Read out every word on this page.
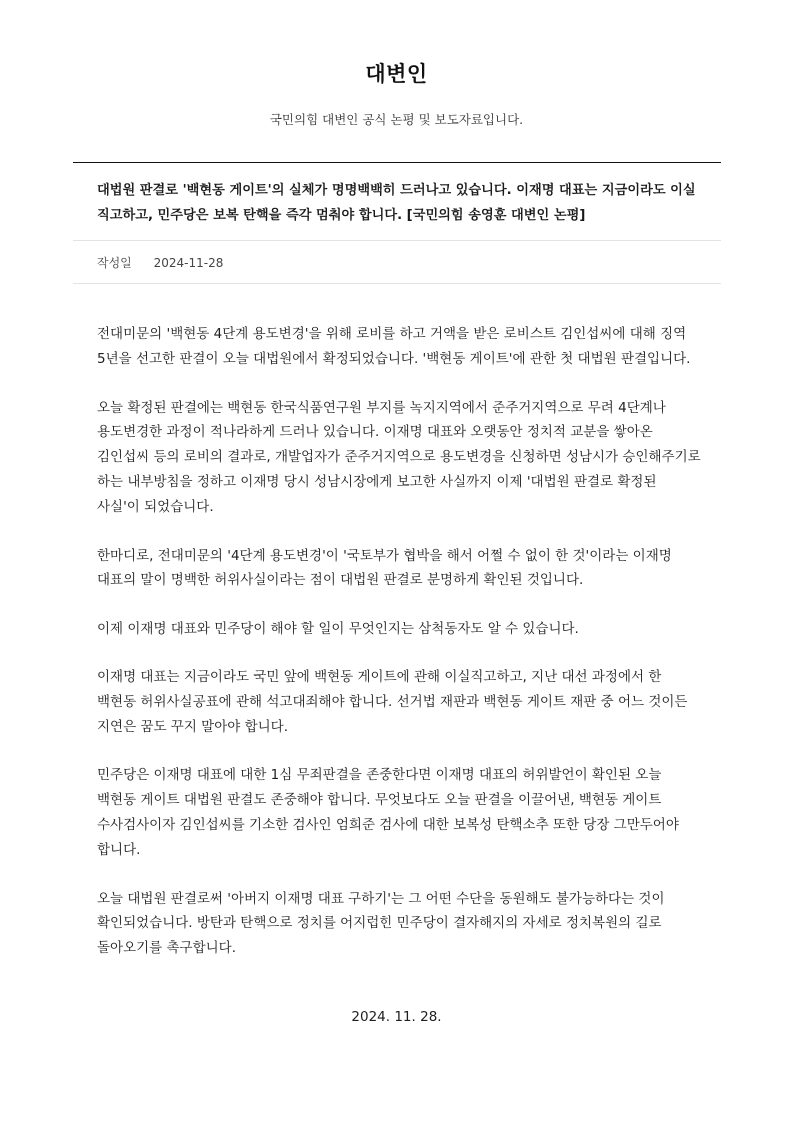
대변인

국민의힘 대변인 공식 논평 및 보도자료입니다.

대법원 판결로 '백현동 게이트'의 실체가 명명백백히 드러나고 있습니다. 이재명 대표는 지금이라도 이실직고하고, 민주당은 보복 탄핵을 즉각 멈춰야 합니다. [국민의힘 송영훈 대변인 논평]
작성일 2024-11-28

전대미문의 '백현동 4단계 용도변경'을 위해 로비를 하고 거액을 받은 로비스트 김인섭씨에 대해 징역 5년을 선고한 판결이 오늘 대법원에서 확정되었습니다. '백현동 게이트'에 관한 첫 대법원 판결입니다.

오늘 확정된 판결에는 백현동 한국식품연구원 부지를 녹지지역에서 준주거지역으로 무려 4단계나 용도변경한 과정이 적나라하게 드러나 있습니다. 이재명 대표와 오랫동안 정치적 교분을 쌓아온 김인섭씨 등의 로비의 결과로, 개발업자가 준주거지역으로 용도변경을 신청하면 성남시가 승인해주기로 하는 내부방침을 정하고 이재명 당시 성남시장에게 보고한 사실까지 이제 '대법원 판결로 확정된 사실'이 되었습니다.

한마디로, 전대미문의 '4단계 용도변경'이 '국토부가 협박을 해서 어쩔 수 없이 한 것'이라는 이재명 대표의 말이 명백한 허위사실이라는 점이 대법원 판결로 분명하게 확인된 것입니다.

이제 이재명 대표와 민주당이 해야 할 일이 무엇인지는 삼척동자도 알 수 있습니다.

이재명 대표는 지금이라도 국민 앞에 백현동 게이트에 관해 이실직고하고, 지난 대선 과정에서 한 백현동 허위사실공표에 관해 석고대죄해야 합니다. 선거법 재판과 백현동 게이트 재판 중 어느 것이든 지연은 꿈도 꾸지 말아야 합니다.

민주당은 이재명 대표에 대한 1심 무죄판결을 존중한다면 이재명 대표의 허위발언이 확인된 오늘 백현동 게이트 대법원 판결도 존중해야 합니다. 무엇보다도 오늘 판결을 이끌어낸, 백현동 게이트 수사검사이자 김인섭씨를 기소한 검사인 엄희준 검사에 대한 보복성 탄핵소추 또한 당장 그만두어야 합니다.

오늘 대법원 판결로써 '아버지 이재명 대표 구하기'는 그 어떤 수단을 동원해도 불가능하다는 것이 확인되었습니다. 방탄과 탄핵으로 정치를 어지럽힌 민주당이 결자해지의 자세로 정치복원의 길로 돌아오기를 촉구합니다.

2024. 11. 28.
